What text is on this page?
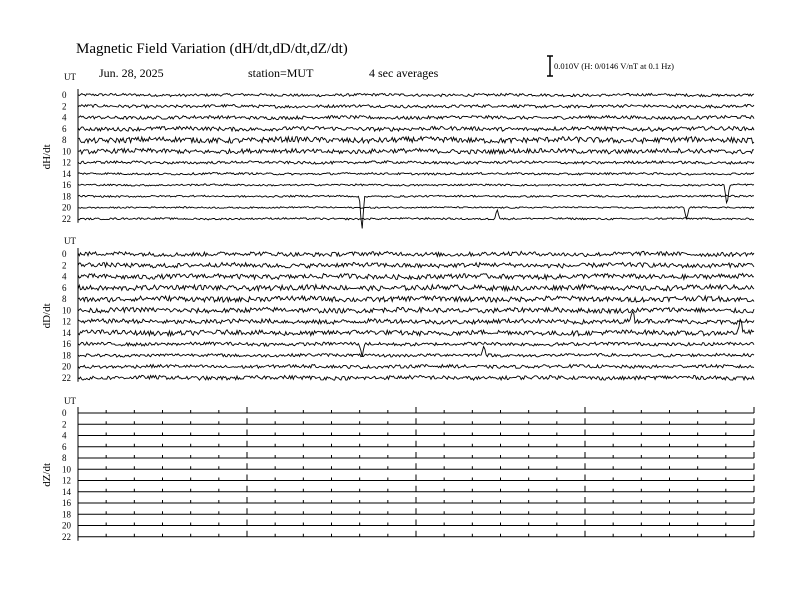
Magnetic Field Variation (dH/dt,dD/dt,dZ/dt)
Jun. 28, 2025	station=MUT	4 sec averages	0.010V (H: 0/0146 V/nT at 0.1 Hz)
UT
dH/dt
0
2
4
6
8
10
12
14
16
18
20
22
UT
dD/dt
0
2
4
6
8
10
12
14
16
18
20
22
UT
dZ/dt
0
2
4
6
8
10
12
14
16
18
20
22
